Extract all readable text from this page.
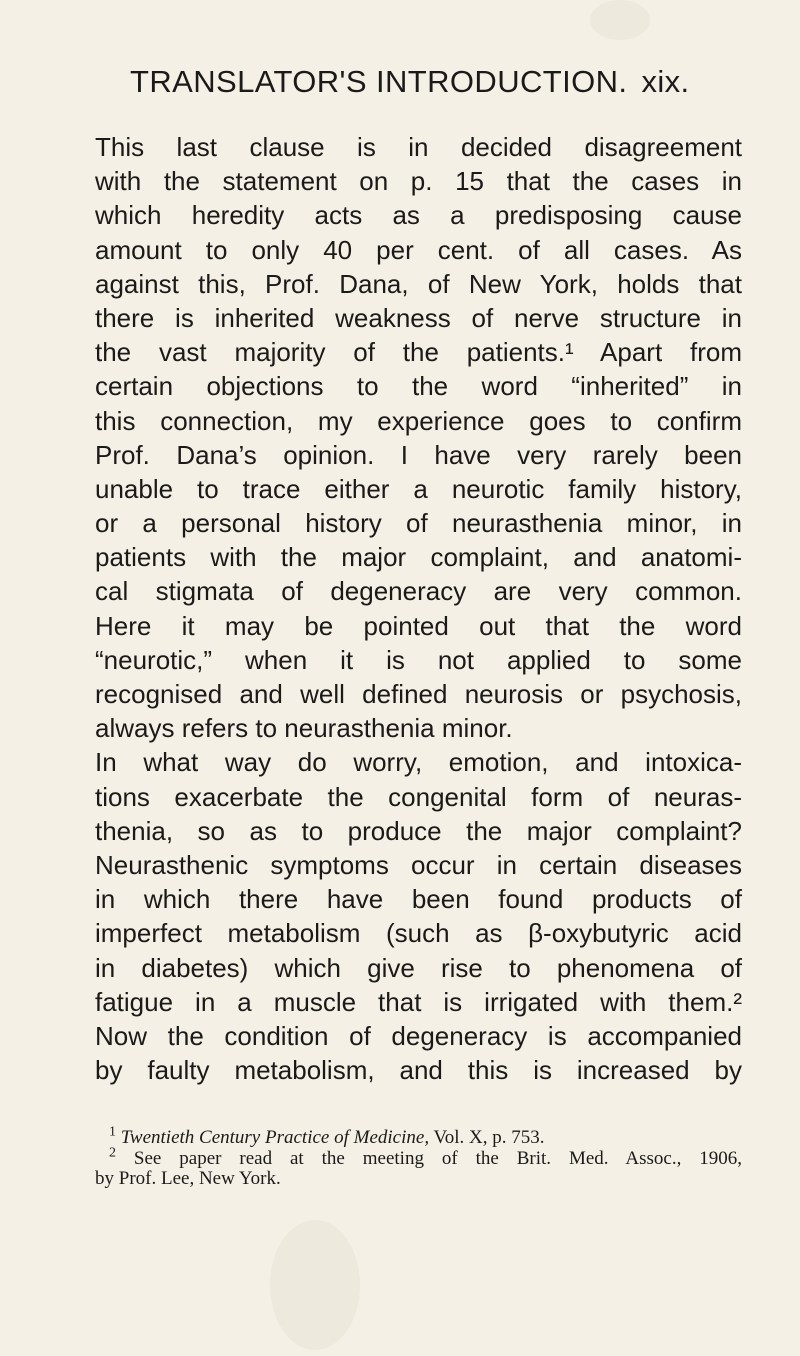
TRANSLATOR'S INTRODUCTION. xix.
This last clause is in decided disagreement
with the statement on p. 15 that the cases in
which heredity acts as a predisposing cause
amount to only 40 per cent. of all cases. As
against this, Prof. Dana, of New York, holds that
there is inherited weakness of nerve structure in
the vast majority of the patients.¹ Apart from
certain objections to the word “inherited” in
this connection, my experience goes to confirm
Prof. Dana’s opinion. I have very rarely been
unable to trace either a neurotic family history,
or a personal history of neurasthenia minor, in
patients with the major complaint, and anatomi-
cal stigmata of degeneracy are very common.
Here it may be pointed out that the word
“neurotic,” when it is not applied to some
recognised and well defined neurosis or psychosis,
always refers to neurasthenia minor.
In what way do worry, emotion, and intoxica-
tions exacerbate the congenital form of neuras-
thenia, so as to produce the major complaint?
Neurasthenic symptoms occur in certain diseases
in which there have been found products of
imperfect metabolism (such as β-oxybutyric acid
in diabetes) which give rise to phenomena of
fatigue in a muscle that is irrigated with them.²
Now the condition of degeneracy is accompanied
by faulty metabolism, and this is increased by
$^1$ Twentieth Century Practice of Medicine, Vol. X, p. 753.
$^2$ See paper read at the meeting of the Brit. Med. Assoc., 1906,
by Prof. Lee, New York.
